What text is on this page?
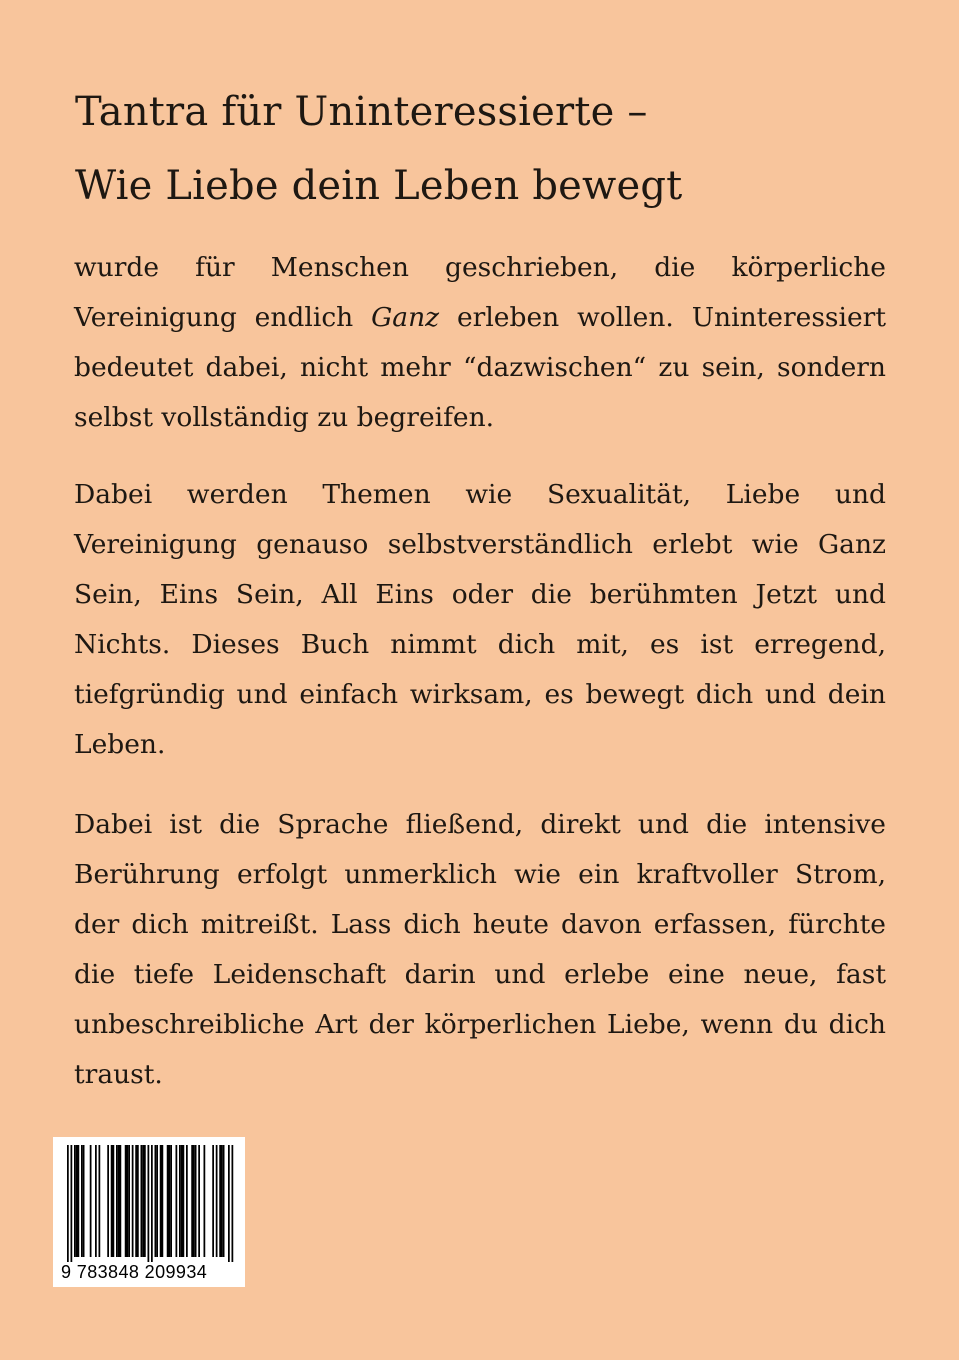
Tantra für Uninteressierte –
Wie Liebe dein Leben bewegt

wurde für Menschen geschrieben, die körperliche Vereinigung endlich Ganz erleben wollen. Uninteressiert bedeutet dabei, nicht mehr “dazwischen“ zu sein, sondern selbst vollständig zu begreifen.

Dabei werden Themen wie Sexualität, Liebe und Vereinigung genauso selbstverständlich erlebt wie Ganz Sein, Eins Sein, All Eins oder die berühmten Jetzt und Nichts. Dieses Buch nimmt dich mit, es ist erregend, tiefgründig und einfach wirksam, es bewegt dich und dein Leben.

Dabei ist die Sprache fließend, direkt und die intensive Berührung erfolgt unmerklich wie ein kraftvoller Strom, der dich mitreißt. Lass dich heute davon erfassen, fürchte die tiefe Leidenschaft darin und erlebe eine neue, fast unbeschreibliche Art der körperlichen Liebe, wenn du dich traust.

9 783848 209934
